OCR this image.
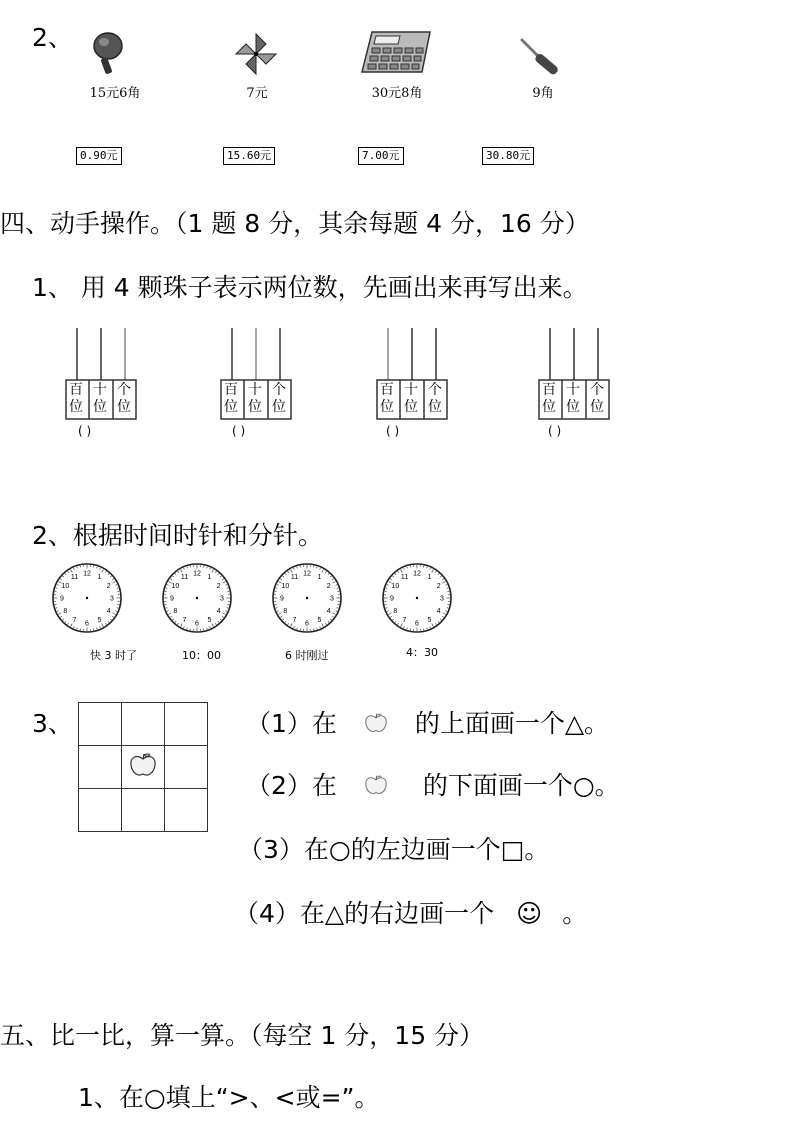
2、
15元6角	7元	30元8角	9角
0.90元	15.60元	7.00元	30.80元
四、动手操作。（1 题 8 分，其余每题 4 分，16 分）
1、 用 4 颗珠子表示两位数，先画出来再写出来。
百
位
十
位
个
位
( )
百
位
十
位
个
位
( )
百
位
十
位
个
位
( )
百
位
十
位
个
位
( )
2、根据时间时针和分针。
1
2
3
4
5
6
7
8
9
10
11 12	1
2
3
4
5
6
7
8
9
10
11 12	1
2
3
4
5
6
7
8
9
10
11 12	1
2
3
4
5
6
7
8
9
10
11 12
快 3 时了	10：00	6 时刚过	4：30
3、

			（1）在	的上面画一个△。
（2）在	的下面画一个○。
（3）在○的左边画一个□。
（4）在△的右边画一个 ☺ 。
五、比一比，算一算。（每空 1 分，15 分）
1、在○填上“>、<或=”。
